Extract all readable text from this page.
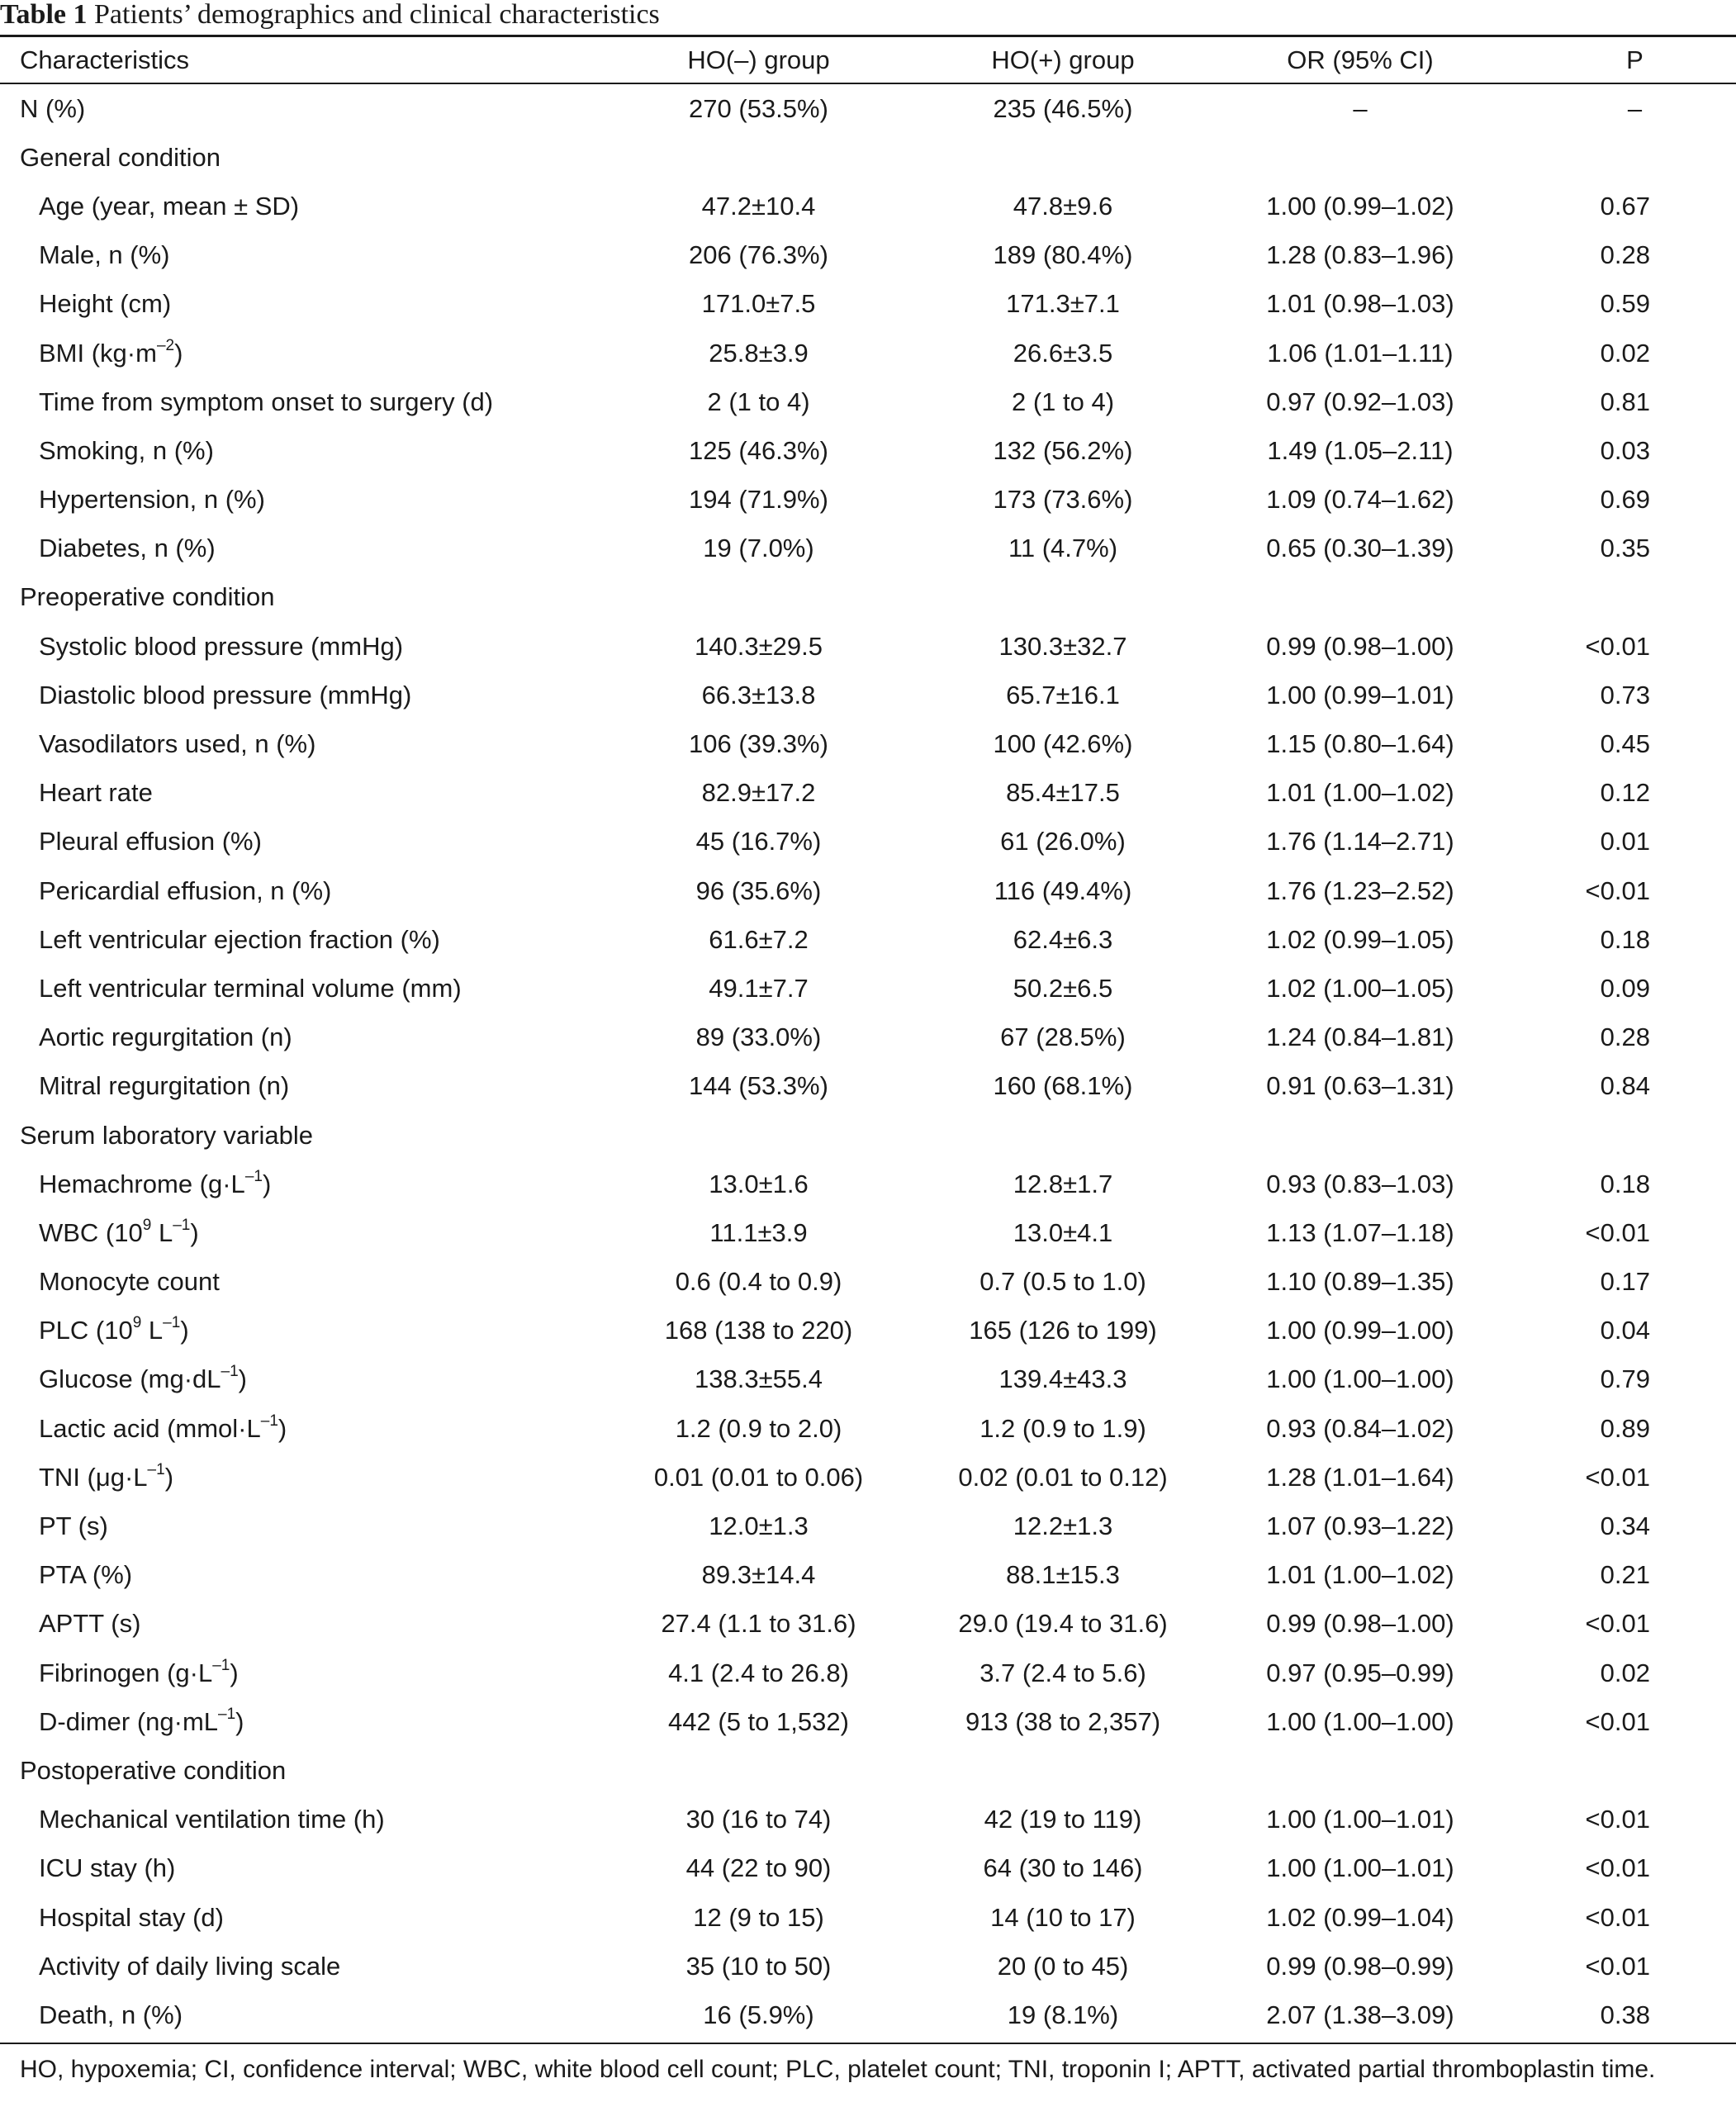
Table 1 Patients’ demographics and clinical characteristics
Characteristics	HO(–) group	HO(+) group	OR (95% CI)	P
N (%)	270 (53.5%)	235 (46.5%)	–	–
General condition				
Age (year, mean ± SD)	47.2±10.4	47.8±9.6	1.00 (0.99–1.02)	0.67
Male, n (%)	206 (76.3%)	189 (80.4%)	1.28 (0.83–1.96)	0.28
Height (cm)	171.0±7.5	171.3±7.1	1.01 (0.98–1.03)	0.59
BMI $(kg\cdot m^{-2})$	25.8±3.9	26.6±3.5	1.06 (1.01–1.11)	0.02
Time from symptom onset to surgery (d)	2 (1 to 4)	2 (1 to 4)	0.97 (0.92–1.03)	0.81
Smoking, n (%)	125 (46.3%)	132 (56.2%)	1.49 (1.05–2.11)	0.03
Hypertension, n (%)	194 (71.9%)	173 (73.6%)	1.09 (0.74–1.62)	0.69
Diabetes, n (%)	19 (7.0%)	11 (4.7%)	0.65 (0.30–1.39)	0.35
Preoperative condition				
Systolic blood pressure (mmHg)	140.3±29.5	130.3±32.7	0.99 (0.98–1.00)	<0.01
Diastolic blood pressure (mmHg)	66.3±13.8	65.7±16.1	1.00 (0.99–1.01)	0.73
Vasodilators used, n (%)	106 (39.3%)	100 (42.6%)	1.15 (0.80–1.64)	0.45
Heart rate	82.9±17.2	85.4±17.5	1.01 (1.00–1.02)	0.12
Pleural effusion (%)	45 (16.7%)	61 (26.0%)	1.76 (1.14–2.71)	0.01
Pericardial effusion, n (%)	96 (35.6%)	116 (49.4%)	1.76 (1.23–2.52)	<0.01
Left ventricular ejection fraction (%)	61.6±7.2	62.4±6.3	1.02 (0.99–1.05)	0.18
Left ventricular terminal volume (mm)	49.1±7.7	50.2±6.5	1.02 (1.00–1.05)	0.09
Aortic regurgitation (n)	89 (33.0%)	67 (28.5%)	1.24 (0.84–1.81)	0.28
Mitral regurgitation (n)	144 (53.3%)	160 (68.1%)	0.91 (0.63–1.31)	0.84
Serum laboratory variable				
Hemachrome $(g\cdot L^{-1})$	13.0±1.6	12.8±1.7	0.93 (0.83–1.03)	0.18
WBC ($10^9$ $L^{-1}$)	11.1±3.9	13.0±4.1	1.13 (1.07–1.18)	<0.01
Monocyte count	0.6 (0.4 to 0.9)	0.7 (0.5 to 1.0)	1.10 (0.89–1.35)	0.17
PLC ($10^9$ $L^{-1}$)	168 (138 to 220)	165 (126 to 199)	1.00 (0.99–1.00)	0.04
Glucose $(mg\cdot dL^{-1})$	138.3±55.4	139.4±43.3	1.00 (1.00–1.00)	0.79
Lactic acid $(mmol\cdot L^{-1})$	1.2 (0.9 to 2.0)	1.2 (0.9 to 1.9)	0.93 (0.84–1.02)	0.89
TNI $(\mu g\cdot L^{-1})$	0.01 (0.01 to 0.06)	0.02 (0.01 to 0.12)	1.28 (1.01–1.64)	<0.01
PT (s)	12.0±1.3	12.2±1.3	1.07 (0.93–1.22)	0.34
PTA (%)	89.3±14.4	88.1±15.3	1.01 (1.00–1.02)	0.21
APTT (s)	27.4 (1.1 to 31.6)	29.0 (19.4 to 31.6)	0.99 (0.98–1.00)	<0.01
Fibrinogen $(g\cdot L^{-1})$	4.1 (2.4 to 26.8)	3.7 (2.4 to 5.6)	0.97 (0.95–0.99)	0.02
D-dimer $(ng\cdot mL^{-1})$	442 (5 to 1,532)	913 (38 to 2,357)	1.00 (1.00–1.00)	<0.01
Postoperative condition				
Mechanical ventilation time (h)	30 (16 to 74)	42 (19 to 119)	1.00 (1.00–1.01)	<0.01
ICU stay (h)	44 (22 to 90)	64 (30 to 146)	1.00 (1.00–1.01)	<0.01
Hospital stay (d)	12 (9 to 15)	14 (10 to 17)	1.02 (0.99–1.04)	<0.01
Activity of daily living scale	35 (10 to 50)	20 (0 to 45)	0.99 (0.98–0.99)	<0.01
Death, n (%)	16 (5.9%)	19 (8.1%)	2.07 (1.38–3.09)	0.38
HO, hypoxemia; CI, confidence interval; WBC, white blood cell count; PLC, platelet count; TNI, troponin I; APTT, activated partial thromboplastin time.
